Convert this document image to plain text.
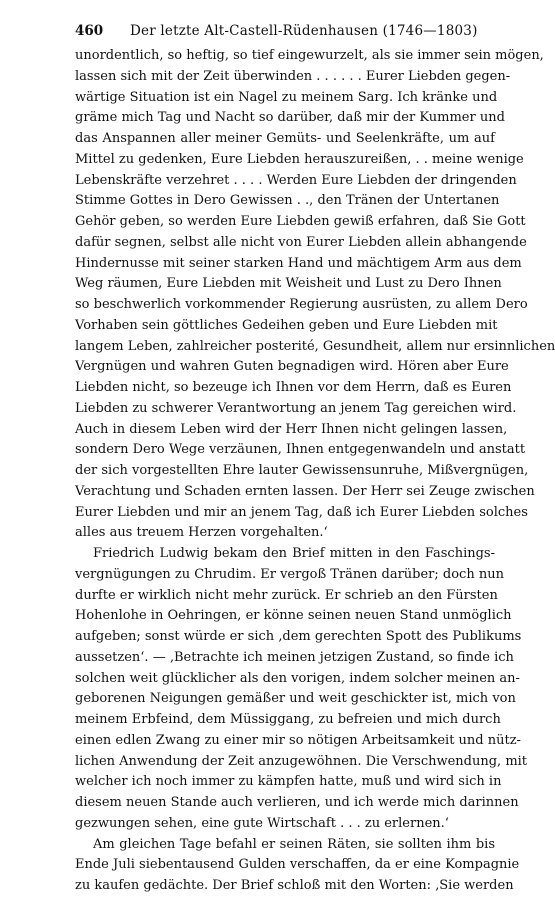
460 Der letzte Alt-Castell-Rüdenhausen (1746—1803)
unordentlich, so heftig, so tief eingewurzelt, als sie immer sein mögen,
lassen sich mit der Zeit überwinden . . . . . . Eurer Liebden gegen-
wärtige Situation ist ein Nagel zu meinem Sarg. Ich kränke und
gräme mich Tag und Nacht so darüber, daß mir der Kummer und
das Anspannen aller meiner Gemüts- und Seelenkräfte, um auf
Mittel zu gedenken, Eure Liebden herauszureißen, . . meine wenige
Lebenskräfte verzehret . . . . Werden Eure Liebden der dringenden
Stimme Gottes in Dero Gewissen . ., den Tränen der Untertanen
Gehör geben, so werden Eure Liebden gewiß erfahren, daß Sie Gott
dafür segnen, selbst alle nicht von Eurer Liebden allein abhangende
Hindernusse mit seiner starken Hand und mächtigem Arm aus dem
Weg räumen, Eure Liebden mit Weisheit und Lust zu Dero Ihnen
so beschwerlich vorkommender Regierung ausrüsten, zu allem Dero
Vorhaben sein göttliches Gedeihen geben und Eure Liebden mit
langem Leben, zahlreicher posterité, Gesundheit, allem nur ersinnlichen
Vergnügen und wahren Guten begnadigen wird. Hören aber Eure
Liebden nicht, so bezeuge ich Ihnen vor dem Herrn, daß es Euren
Liebden zu schwerer Verantwortung an jenem Tag gereichen wird.
Auch in diesem Leben wird der Herr Ihnen nicht gelingen lassen,
sondern Dero Wege verzäunen, Ihnen entgegenwandeln und anstatt
der sich vorgestellten Ehre lauter Gewissensunruhe, Mißvergnügen,
Verachtung und Schaden ernten lassen. Der Herr sei Zeuge zwischen
Eurer Liebden und mir an jenem Tag, daß ich Eurer Liebden solches
alles aus treuem Herzen vorgehalten.‘
Friedrich Ludwig bekam den Brief mitten in den Faschings-
vergnügungen zu Chrudim. Er vergoß Tränen darüber; doch nun
durfte er wirklich nicht mehr zurück. Er schrieb an den Fürsten
Hohenlohe in Oehringen, er könne seinen neuen Stand unmöglich
aufgeben; sonst würde er sich ‚dem gerechten Spott des Publikums
aussetzen‘. — ‚Betrachte ich meinen jetzigen Zustand, so finde ich
solchen weit glücklicher als den vorigen, indem solcher meinen an-
geborenen Neigungen gemäßer und weit geschickter ist, mich von
meinem Erbfeind, dem Müssiggang, zu befreien und mich durch
einen edlen Zwang zu einer mir so nötigen Arbeitsamkeit und nütz-
lichen Anwendung der Zeit anzugewöhnen. Die Verschwendung, mit
welcher ich noch immer zu kämpfen hatte, muß und wird sich in
diesem neuen Stande auch verlieren, und ich werde mich darinnen
gezwungen sehen, eine gute Wirtschaft . . . zu erlernen.‘
Am gleichen Tage befahl er seinen Räten, sie sollten ihm bis
Ende Juli siebentausend Gulden verschaffen, da er eine Kompagnie
zu kaufen gedächte. Der Brief schloß mit den Worten: ‚Sie werden
